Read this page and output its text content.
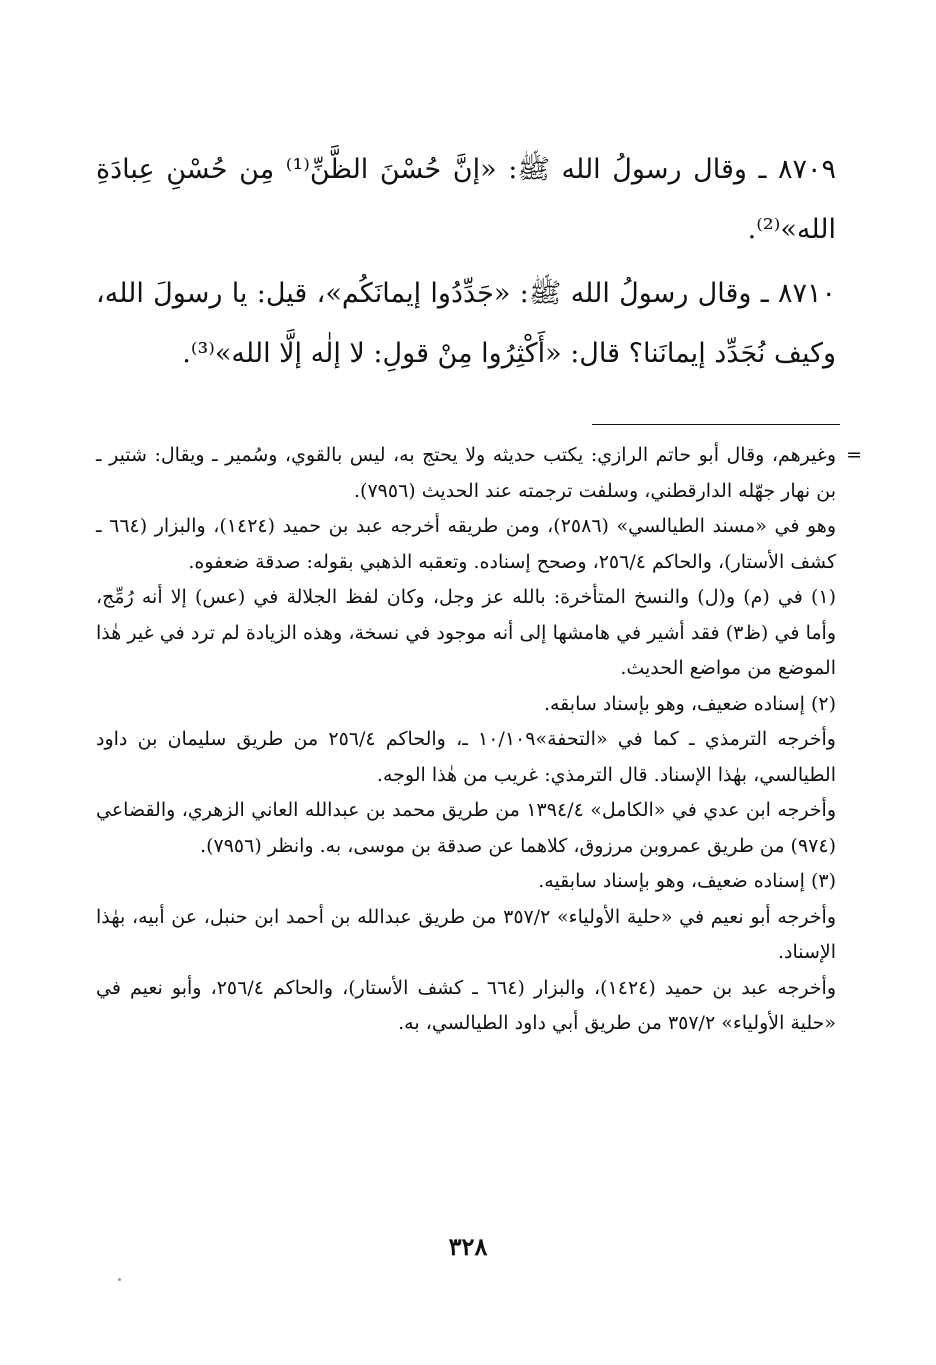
٨٧٠٩ ـ وقال رسولُ الله ﷺ: «إنَّ حُسْنَ الظَّنِّ⁽¹⁾ مِن حُسْنِ عِبادَةِ الله»⁽²⁾.

٨٧١٠ ـ وقال رسولُ الله ﷺ: «جَدِّدُوا إيمانَكُم»، قيل: يا رسولَ الله، وكيف نُجَدِّد إيمانَنا؟ قال: «أَكْثِرُوا مِنْ قولِ: لا إلٰه إلَّا الله»⁽³⁾.

=

وغيرهم، وقال أبو حاتم الرازي: يكتب حديثه ولا يحتج به، ليس بالقوي، وسُمير ـ ويقال: شتير ـ بن نهار جهّله الدارقطني، وسلفت ترجمته عند الحديث (٧٩٥٦).

وهو في «مسند الطيالسي» (٢٥٨٦)، ومن طريقه أخرجه عبد بن حميد (١٤٢٤)، والبزار (٦٦٤ ـ كشف الأستار)، والحاكم ٢٥٦/٤، وصحح إسناده. وتعقبه الذهبي بقوله: صدقة ضعفوه.

(١) في (م) و(ل) والنسخ المتأخرة: بالله عز وجل، وكان لفظ الجلالة في (عس) إلا أنه رُمِّج، وأما في (ظ٣) فقد أشير في هامشها إلى أنه موجود في نسخة، وهذه الزيادة لم ترد في غير هٰذا الموضع من مواضع الحديث.

(٢) إسناده ضعيف، وهو بإسناد سابقه.

وأخرجه الترمذي ـ كما في «التحفة»١٠/١٠٩ ـ، والحاكم ٢٥٦/٤ من طريق سليمان بن داود الطيالسي، بهٰذا الإسناد. قال الترمذي: غريب من هٰذا الوجه.

وأخرجه ابن عدي في «الكامل» ١٣٩٤/٤ من طريق محمد بن عبدالله العاني الزهري، والقضاعي (٩٧٤) من طريق عمروبن مرزوق، كلاهما عن صدقة بن موسى، به. وانظر (٧٩٥٦).

(٣) إسناده ضعيف، وهو بإسناد سابقيه.

وأخرجه أبو نعيم في «حلية الأولياء» ٣٥٧/٢ من طريق عبدالله بن أحمد ابن حنبل، عن أبيه، بهٰذا الإسناد.

وأخرجه عبد بن حميد (١٤٢٤)، والبزار (٦٦٤ ـ كشف الأستار)، والحاكم ٢٥٦/٤، وأبو نعيم في «حلية الأولياء» ٣٥٧/٢ من طريق أبي داود الطيالسي، به.

٣٢٨
